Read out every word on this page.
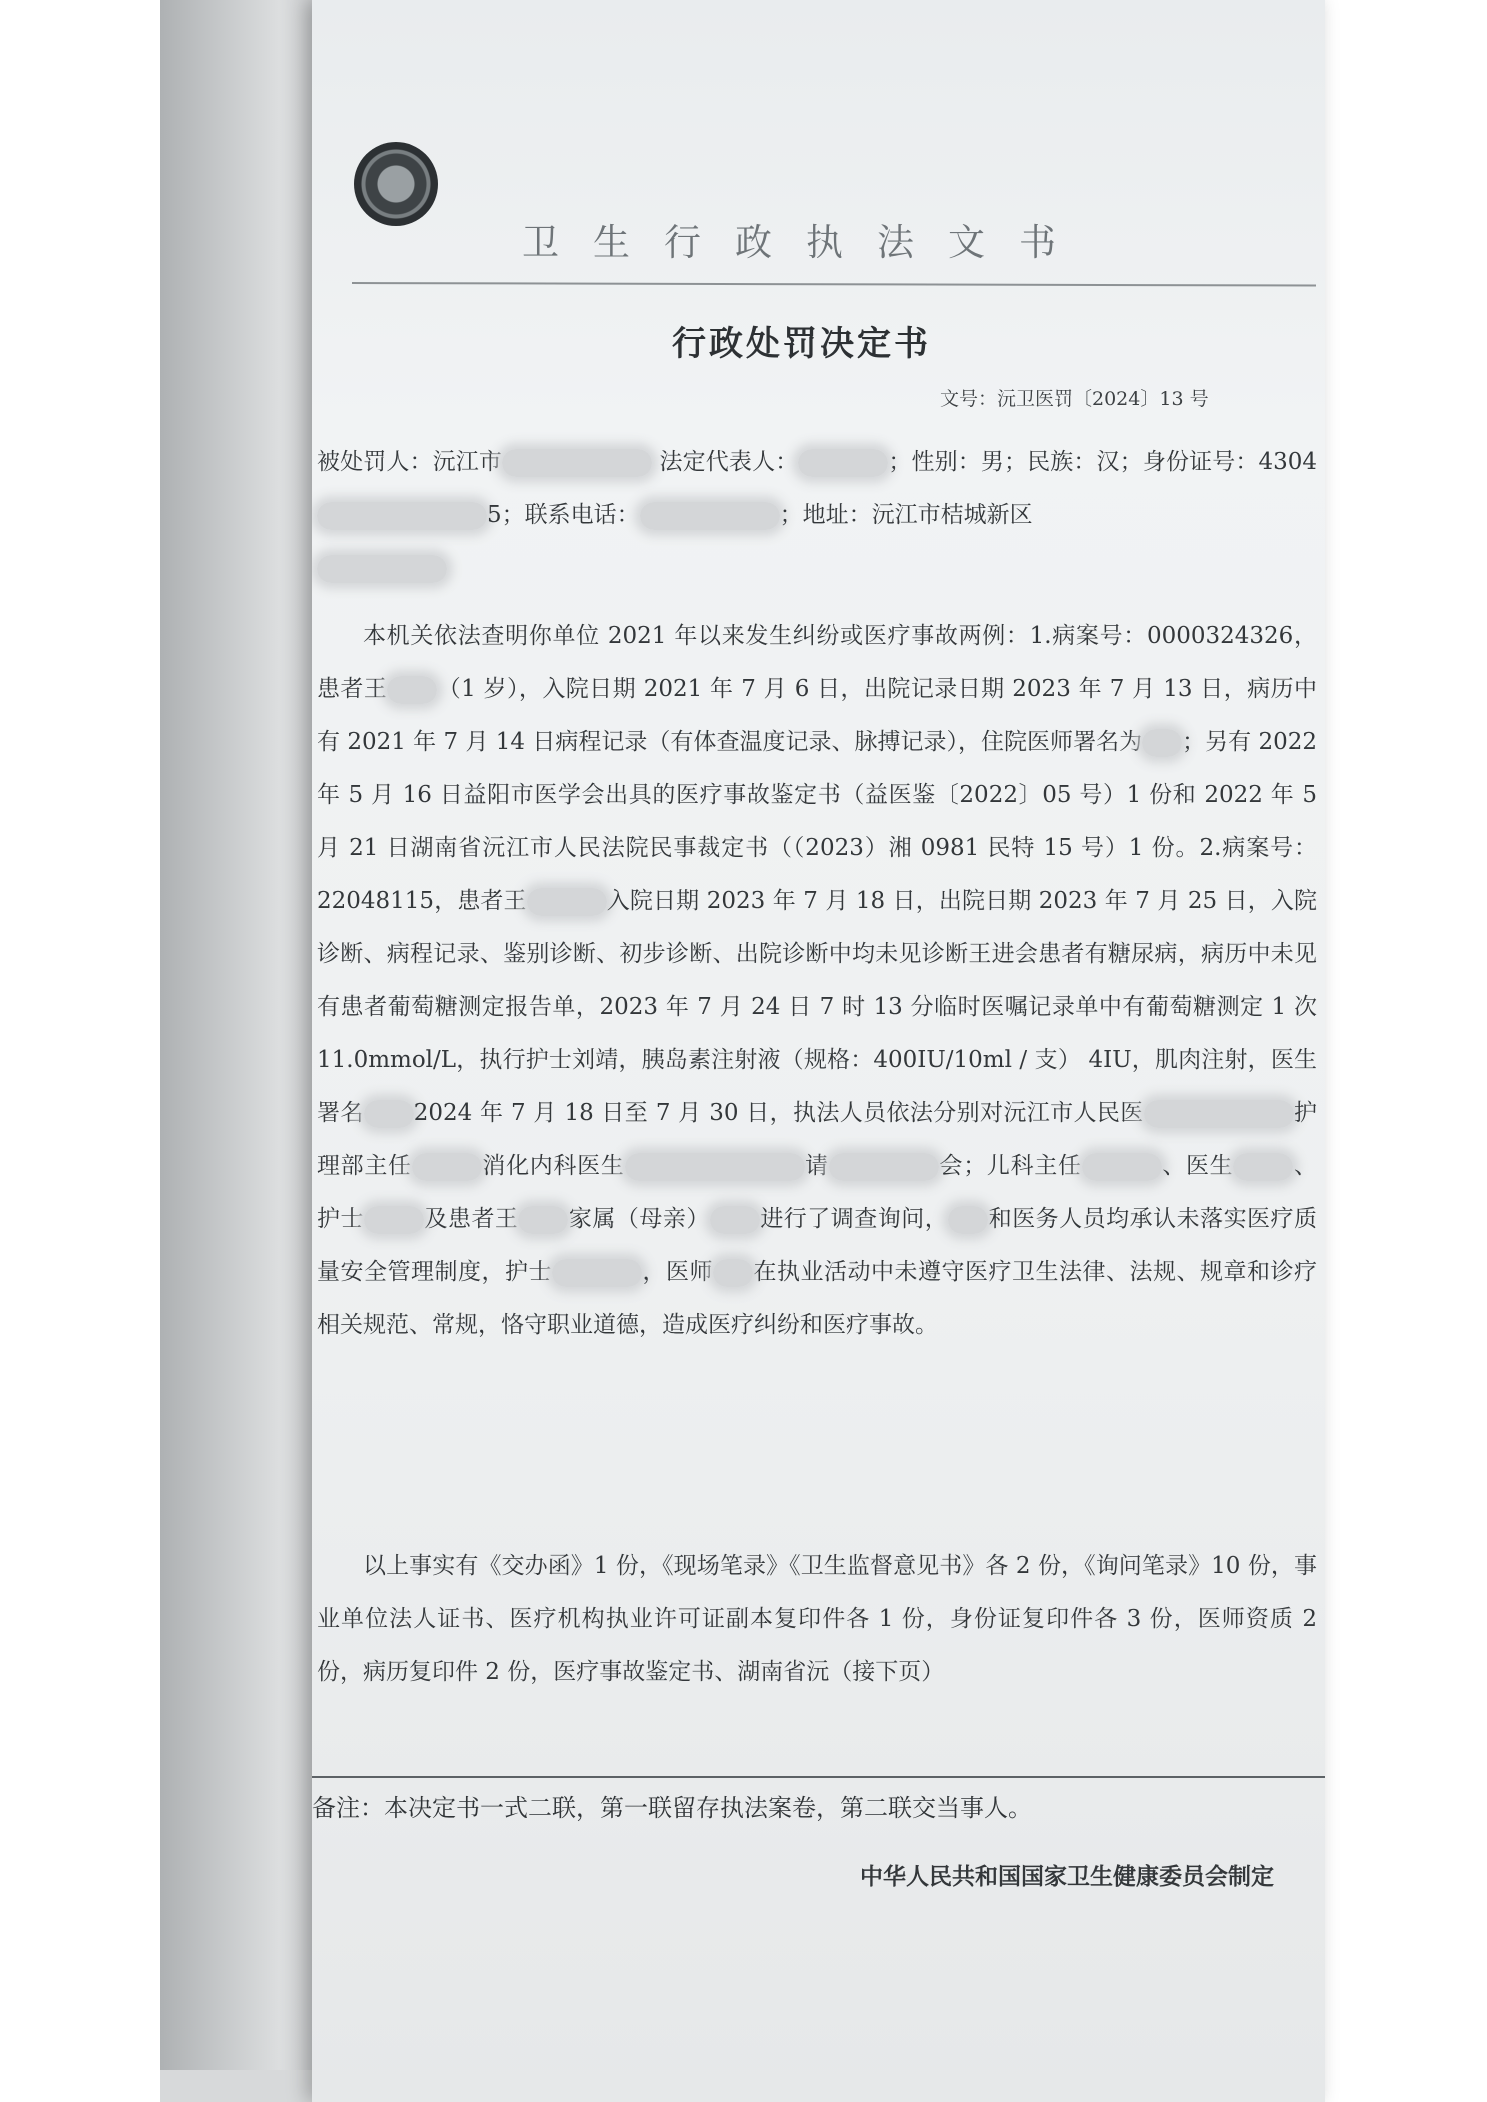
卫生行政执法文书
行政处罚决定书
文号：沅卫医罚〔2024〕13 号
被处罚人：沅江市	法定代表人：	；性别：男；民族：汉；身份证号：43045；联系电话：	；地址：沅江市桔城新区

本机关依法查明你单位 2021 年以来发生纠纷或医疗事故两例：1.病案号：0000324326，患者王 （1 岁），入院日期 2021 年 7 月 6 日，出院记录日期 2023 年 7 月 13 日，病历中有 2021 年 7 月 14 日病程记录（有体查温度记录、脉搏记录），住院医师署名为 ；另有 2022 年 5 月 16 日益阳市医学会出具的医疗事故鉴定书（益医鉴〔2022〕05 号）1 份和 2022 年 5 月 21 日湖南省沅江市人民法院民事裁定书（（2023）湘 0981 民特 15 号）1 份。2.病案号：22048115，患者王	入院日期 2023 年 7 月 18 日，出院日期 2023 年 7 月 25 日，入院诊断、病程记录、鉴别诊断、初步诊断、出院诊断中均未见诊断王进会患者有糖尿病，病历中未见有患者葡萄糖测定报告单，2023 年 7 月 24 日 7 时 13 分临时医嘱记录单中有葡萄糖测定 1 次 11.0mmol/L，执行护士刘靖，胰岛素注射液（规格：400IU/10ml / 支） 4IU，肌肉注射，医生署名 2024 年 7 月 18 日至 7 月 30 日，执法人员依法分别对沅江市人民医	护理部主任	消化内科医生	请	会；儿科主任	、医生	、护士	及患者王 家属（母亲） 进行了调查询问， 和医务人员均承认未落实医疗质量安全管理制度，护士	，医师 在执业活动中未遵守医疗卫生法律、法规、规章和诊疗相关规范、常规，恪守职业道德，造成医疗纠纷和医疗事故。
以上事实有《交办函》1 份，《现场笔录》《卫生监督意见书》各 2 份，《询问笔录》10 份，事业单位法人证书、医疗机构执业许可证副本复印件各 1 份，身份证复印件各 3 份，医师资质 2 份，病历复印件 2 份，医疗事故鉴定书、湖南省沅（接下页）
备注：本决定书一式二联，第一联留存执法案卷，第二联交当事人。
中华人民共和国国家卫生健康委员会制定
